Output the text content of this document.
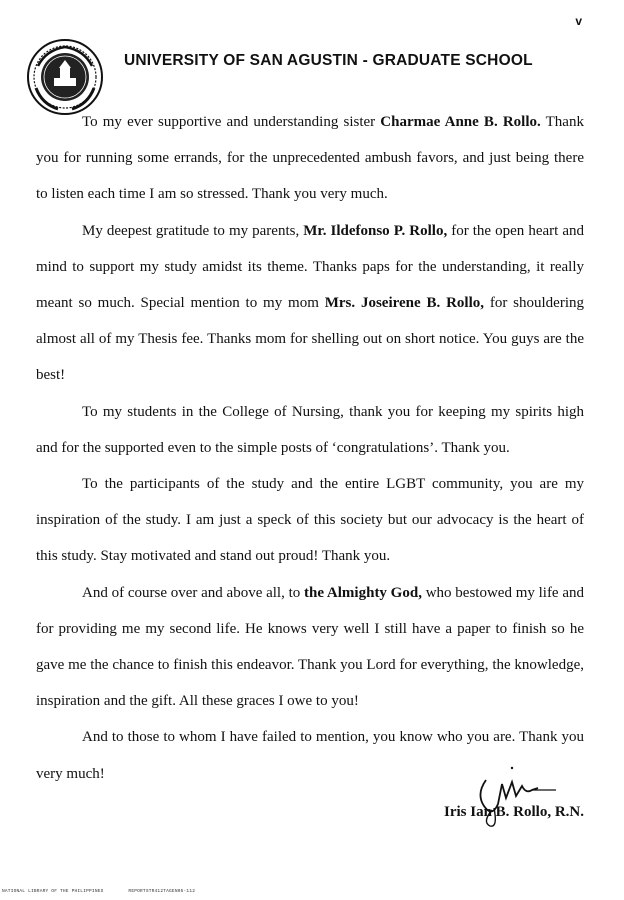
v
UNIVERSITY OF SAN AGUSTIN - GRADUATE SCHOOL

To my ever supportive and understanding sister Charmae Anne B. Rollo. Thank you for running some errands, for the unprecedented ambush favors, and just being there to listen each time I am so stressed. Thank you very much.

My deepest gratitude to my parents, Mr. Ildefonso P. Rollo, for the open heart and mind to support my study amidst its theme. Thanks paps for the understanding, it really meant so much. Special mention to my mom Mrs. Joseirene B. Rollo, for shouldering almost all of my Thesis fee. Thanks mom for shelling out on short notice. You guys are the best!

To my students in the College of Nursing, thank you for keeping my spirits high and for the supported even to the simple posts of ‘congratulations’. Thank you.

To the participants of the study and the entire LGBT community, you are my inspiration of the study. I am just a speck of this society but our advocacy is the heart of this study. Stay motivated and stand out proud! Thank you.

And of course over and above all, to the Almighty God, who bestowed my life and for providing me my second life. He knows very well I still have a paper to finish so he gave me the chance to finish this endeavor. Thank you Lord for everything, the knowledge, inspiration and the gift. All these graces I owe to you!

And to those to whom I have failed to mention, you know who you are. Thank you very much!

Iris Ian B. Rollo, R.N.
NATIONAL LIBRARY OF THE PHILIPPINES	REPORTSTR412TAGEN05-112
